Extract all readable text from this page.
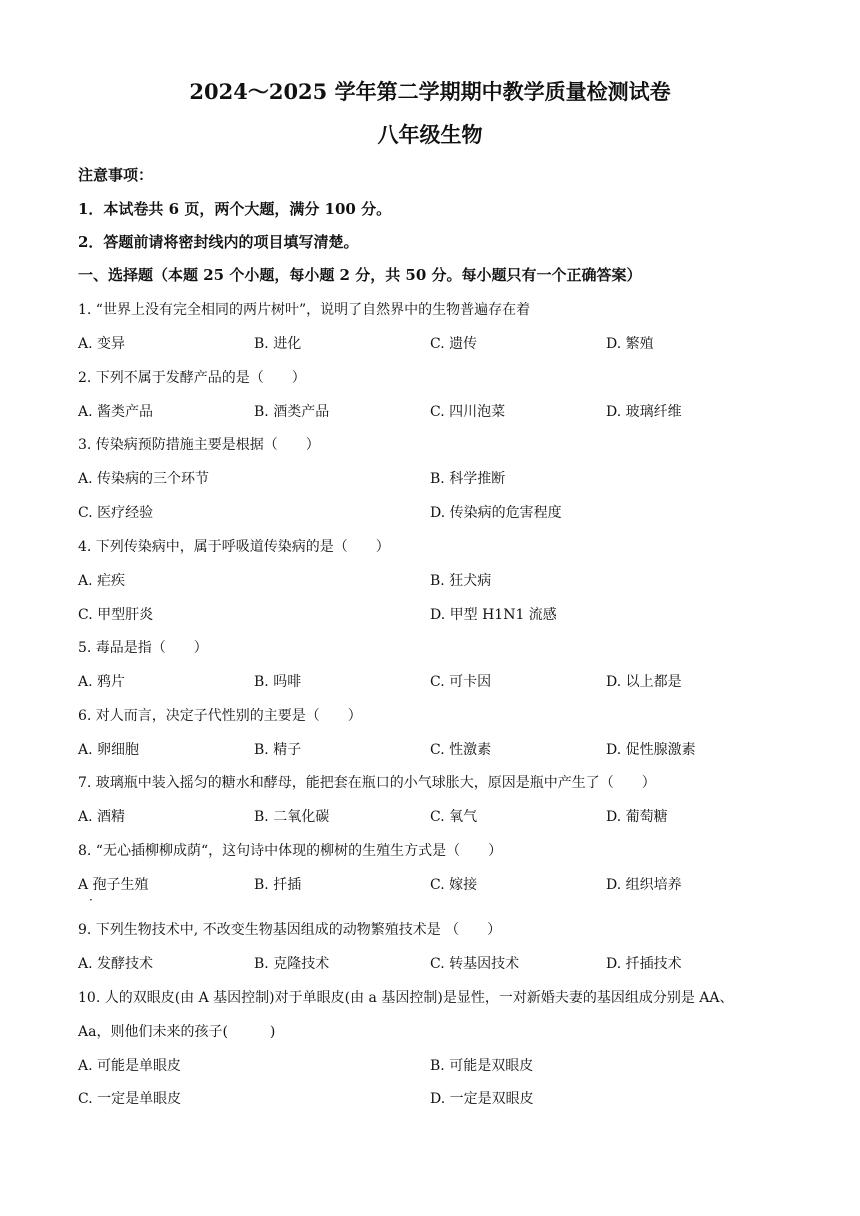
2024～2025 学年第二学期期中教学质量检测试卷
八年级生物
注意事项：
1．本试卷共 6 页，两个大题，满分 100 分。
2．答题前请将密封线内的项目填写清楚。
一、选择题（本题 25 个小题，每小题 2 分，共 50 分。每小题只有一个正确答案）
1. “世界上没有完全相同的两片树叶”，说明了自然界中的生物普遍存在着
A. 变异	B. 进化	C. 遗传	D. 繁殖
2. 下列不属于发酵产品的是（　　）
A. 酱类产品	B. 酒类产品	C. 四川泡菜	D. 玻璃纤维
3. 传染病预防措施主要是根据（　　）
A. 传染病的三个环节	B. 科学推断
C. 医疗经验	D. 传染病的危害程度
4. 下列传染病中，属于呼吸道传染病的是（　　）
A. 疟疾	B. 狂犬病
C. 甲型肝炎	D. 甲型 H1N1 流感
5. 毒品是指（　　）
A. 鸦片	B. 吗啡	C. 可卡因	D. 以上都是
6. 对人而言，决定子代性别的主要是（　　）
A. 卵细胞	B. 精子	C. 性激素	D. 促性腺激素
7. 玻璃瓶中装入摇匀的糖水和酵母，能把套在瓶口的小气球胀大，原因是瓶中产生了（　　）
A. 酒精	B. 二氧化碳	C. 氧气	D. 葡萄糖
8. “无心插柳柳成荫“，这句诗中体现的柳树的生殖生方式是（　　）
A 孢子生殖
·
B. 扦插	C. 嫁接	D. 组织培养
9. 下列生物技术中, 不改变生物基因组成的动物繁殖技术是 （　　）
A. 发酵技术	B. 克隆技术	C. 转基因技术	D. 扦插技术
10. 人的双眼皮(由 A 基因控制)对于单眼皮(由 a 基因控制)是显性，一对新婚夫妻的基因组成分别是 AA、
Aa，则他们未来的孩子(　　　)
A. 可能是单眼皮	B. 可能是双眼皮
C. 一定是单眼皮	D. 一定是双眼皮
